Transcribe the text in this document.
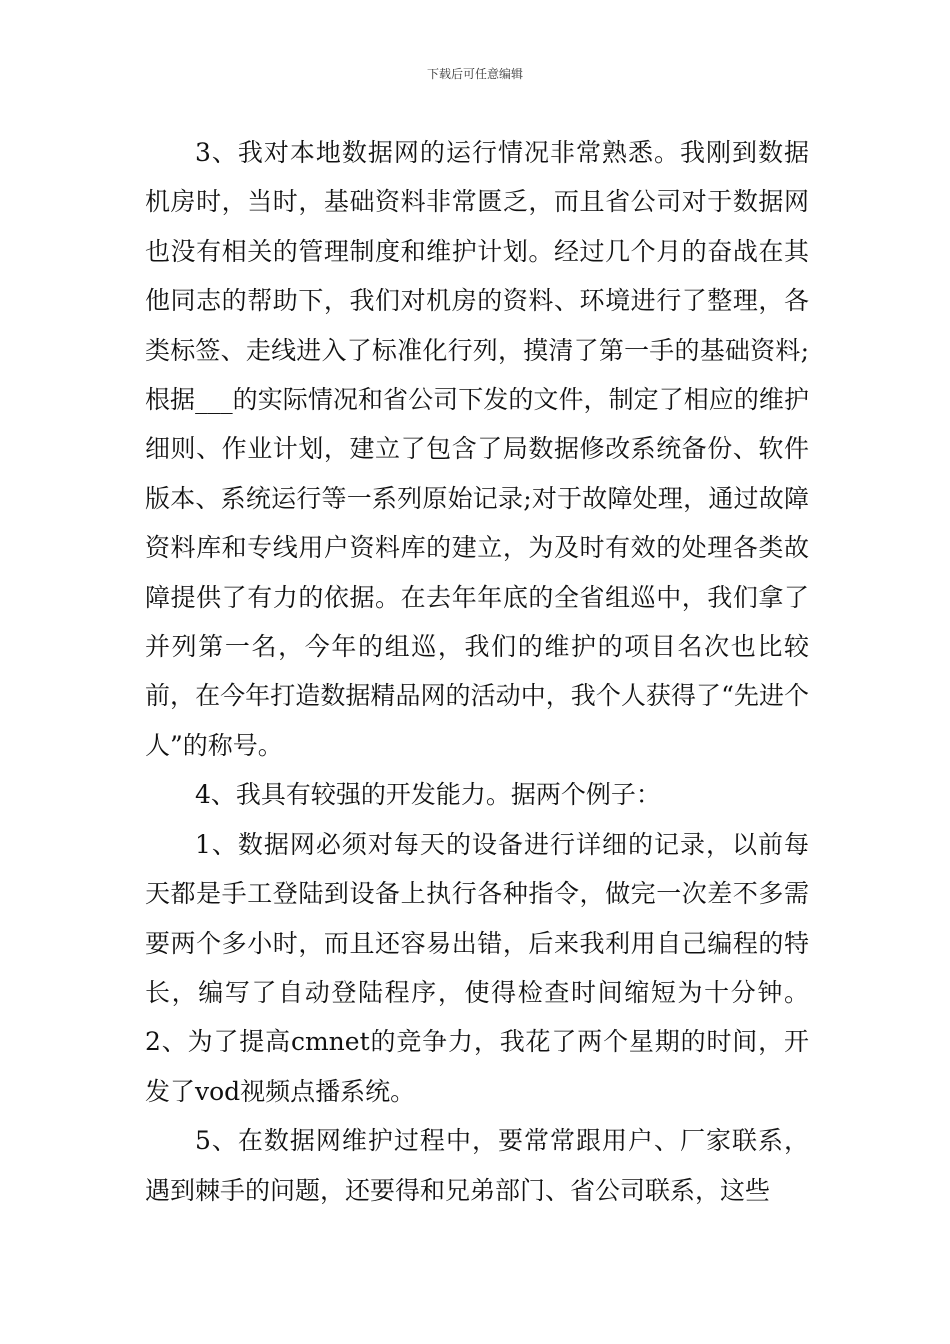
下载后可任意编辑

3、我对本地数据网的运行情况非常熟悉。我刚到数据机房时，当时，基础资料非常匮乏，而且省公司对于数据网也没有相关的管理制度和维护计划。经过几个月的奋战在其他同志的帮助下，我们对机房的资料、环境进行了整理，各类标签、走线进入了标准化行列，摸清了第一手的基础资料;根据___的实际情况和省公司下发的文件，制定了相应的维护细则、作业计划，建立了包含了局数据修改系统备份、软件版本、系统运行等一系列原始记录;对于故障处理，通过故障资料库和专线用户资料库的建立，为及时有效的处理各类故障提供了有力的依据。在去年年底的全省组巡中，我们拿了并列第一名，今年的组巡，我们的维护的项目名次也比较前，在今年打造数据精品网的活动中，我个人获得了“先进个人”的称号。

4、我具有较强的开发能力。据两个例子：

1、数据网必须对每天的设备进行详细的记录，以前每天都是手工登陆到设备上执行各种指令，做完一次差不多需要两个多小时，而且还容易出错，后来我利用自己编程的特长，编写了自动登陆程序，使得检查时间缩短为十分钟。2、为了提高cmnet的竞争力，我花了两个星期的时间，开发了vod视频点播系统。

5、在数据网维护过程中，要常常跟用户、厂家联系，遇到棘手的问题，还要得和兄弟部门、省公司联系，这些
